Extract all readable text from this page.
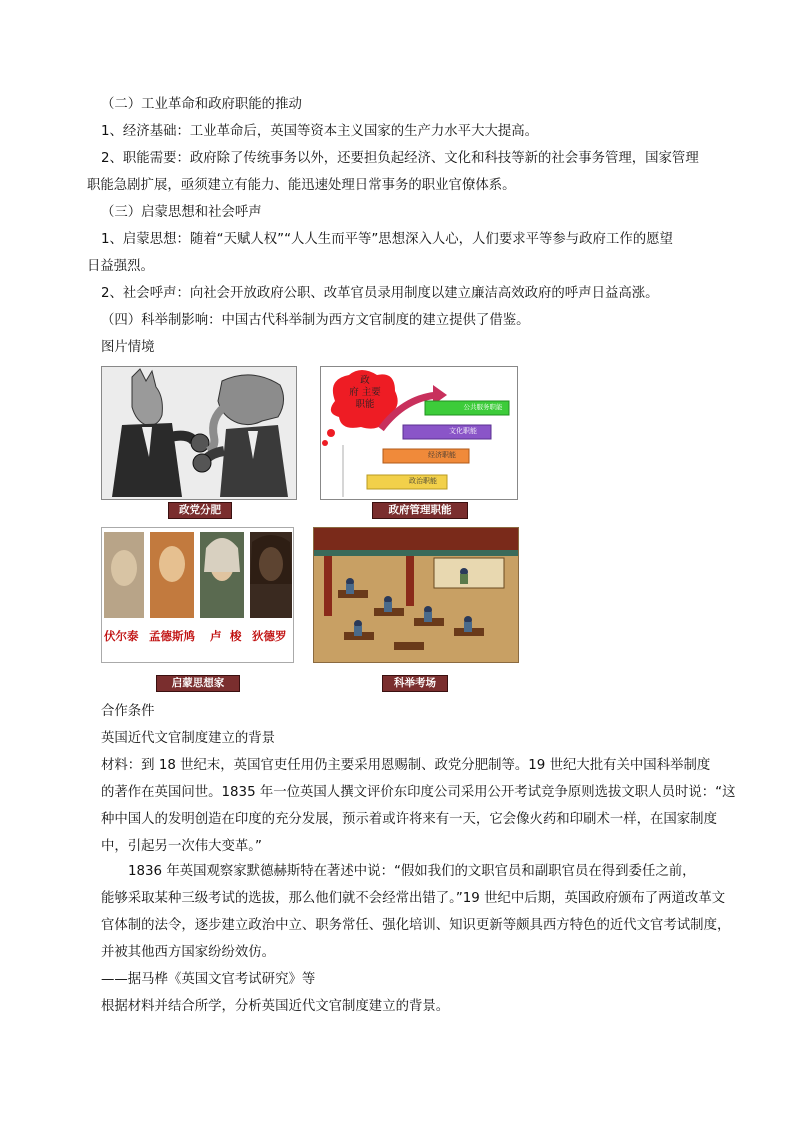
（二）工业革命和政府职能的推动
1、经济基础：工业革命后，英国等资本主义国家的生产力水平大大提高。
2、职能需要：政府除了传统事务以外，还要担负起经济、文化和科技等新的社会事务管理，国家管理
职能急剧扩展，亟须建立有能力、能迅速处理日常事务的职业官僚体系。
（三）启蒙思想和社会呼声
1、启蒙思想：随着“天赋人权”“人人生而平等”思想深入人心，人们要求平等参与政府工作的愿望
日益强烈。
2、社会呼声：向社会开放政府公职、改革官员录用制度以建立廉洁高效政府的呼声日益高涨。
（四）科举制影响：中国古代科举制为西方文官制度的建立提供了借鉴。
图片情境
政党分肥
政
府 主要
职能	公共服务职能
文化职能
经济职能
政治职能
政府管理职能
伏尔泰 孟德斯鸠 卢 梭 狄德罗
启蒙思想家	科举考场
合作条件
英国近代文官制度建立的背景
材料：到 18 世纪末，英国官吏任用仍主要采用恩赐制、政党分肥制等。19 世纪大批有关中国科举制度
的著作在英国问世。1835 年一位英国人撰文评价东印度公司采用公开考试竞争原则选拔文职人员时说：“这
种中国人的发明创造在印度的充分发展，预示着或许将来有一天，它会像火药和印刷术一样，在国家制度
中，引起另一次伟大变革。”
1836 年英国观察家默德赫斯特在著述中说：“假如我们的文职官员和副职官员在得到委任之前，
能够采取某种三级考试的选拔，那么他们就不会经常出错了。”19 世纪中后期，英国政府颁布了两道改革文
官体制的法令，逐步建立政治中立、职务常任、强化培训、知识更新等颇具西方特色的近代文官考试制度，
并被其他西方国家纷纷效仿。
——据马桦《英国文官考试研究》等
根据材料并结合所学，分析英国近代文官制度建立的背景。
